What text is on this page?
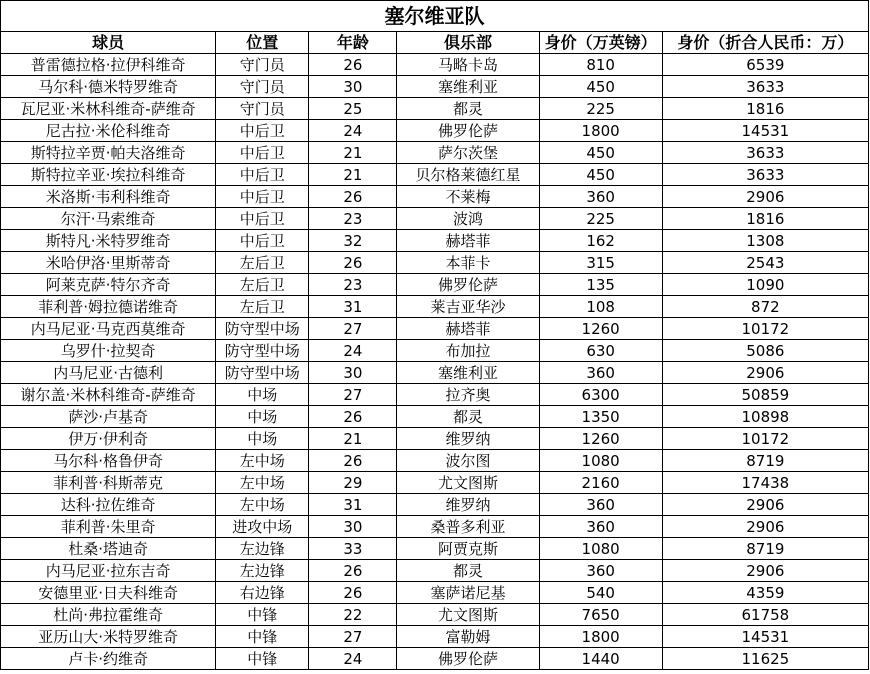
塞尔维亚队					
球员	位置	年龄	俱乐部	身价（万英镑）	身价（折合人民币：万）
普雷德拉格·拉伊科维奇	守门员	26	马略卡岛	810	6539
马尔科·德米特罗维奇	守门员	30	塞维利亚	450	3633
瓦尼亚·米林科维奇-萨维奇	守门员	25	都灵	225	1816
尼古拉·米伦科维奇	中后卫	24	佛罗伦萨	1800	14531
斯特拉辛贾·帕夫洛维奇	中后卫	21	萨尔茨堡	450	3633
斯特拉辛亚·埃拉科维奇	中后卫	21	贝尔格莱德红星	450	3633
米洛斯·韦利科维奇	中后卫	26	不莱梅	360	2906
尔汗·马索维奇	中后卫	23	波鸿	225	1816
斯特凡·米特罗维奇	中后卫	32	赫塔菲	162	1308
米哈伊洛·里斯蒂奇	左后卫	26	本菲卡	315	2543
阿莱克萨·特尔齐奇	左后卫	23	佛罗伦萨	135	1090
菲利普·姆拉德诺维奇	左后卫	31	莱吉亚华沙	108	872
内马尼亚·马克西莫维奇	防守型中场	27	赫塔菲	1260	10172
乌罗什·拉契奇	防守型中场	24	布加拉	630	5086
内马尼亚·古德利	防守型中场	30	塞维利亚	360	2906
谢尔盖·米林科维奇-萨维奇	中场	27	拉齐奥	6300	50859
萨沙·卢基奇	中场	26	都灵	1350	10898
伊万·伊利奇	中场	21	维罗纳	1260	10172
马尔科·格鲁伊奇	左中场	26	波尔图	1080	8719
菲利普·科斯蒂克	左中场	29	尤文图斯	2160	17438
达科·拉佐维奇	左中场	31	维罗纳	360	2906
菲利普·朱里奇	进攻中场	30	桑普多利亚	360	2906
杜桑·塔迪奇	左边锋	33	阿贾克斯	1080	8719
内马尼亚·拉东吉奇	左边锋	26	都灵	360	2906
安德里亚·日夫科维奇	右边锋	26	塞萨诺尼基	540	4359
杜尚·弗拉霍维奇	中锋	22	尤文图斯	7650	61758
亚历山大·米特罗维奇	中锋	27	富勒姆	1800	14531
卢卡·约维奇	中锋	24	佛罗伦萨	1440	11625
